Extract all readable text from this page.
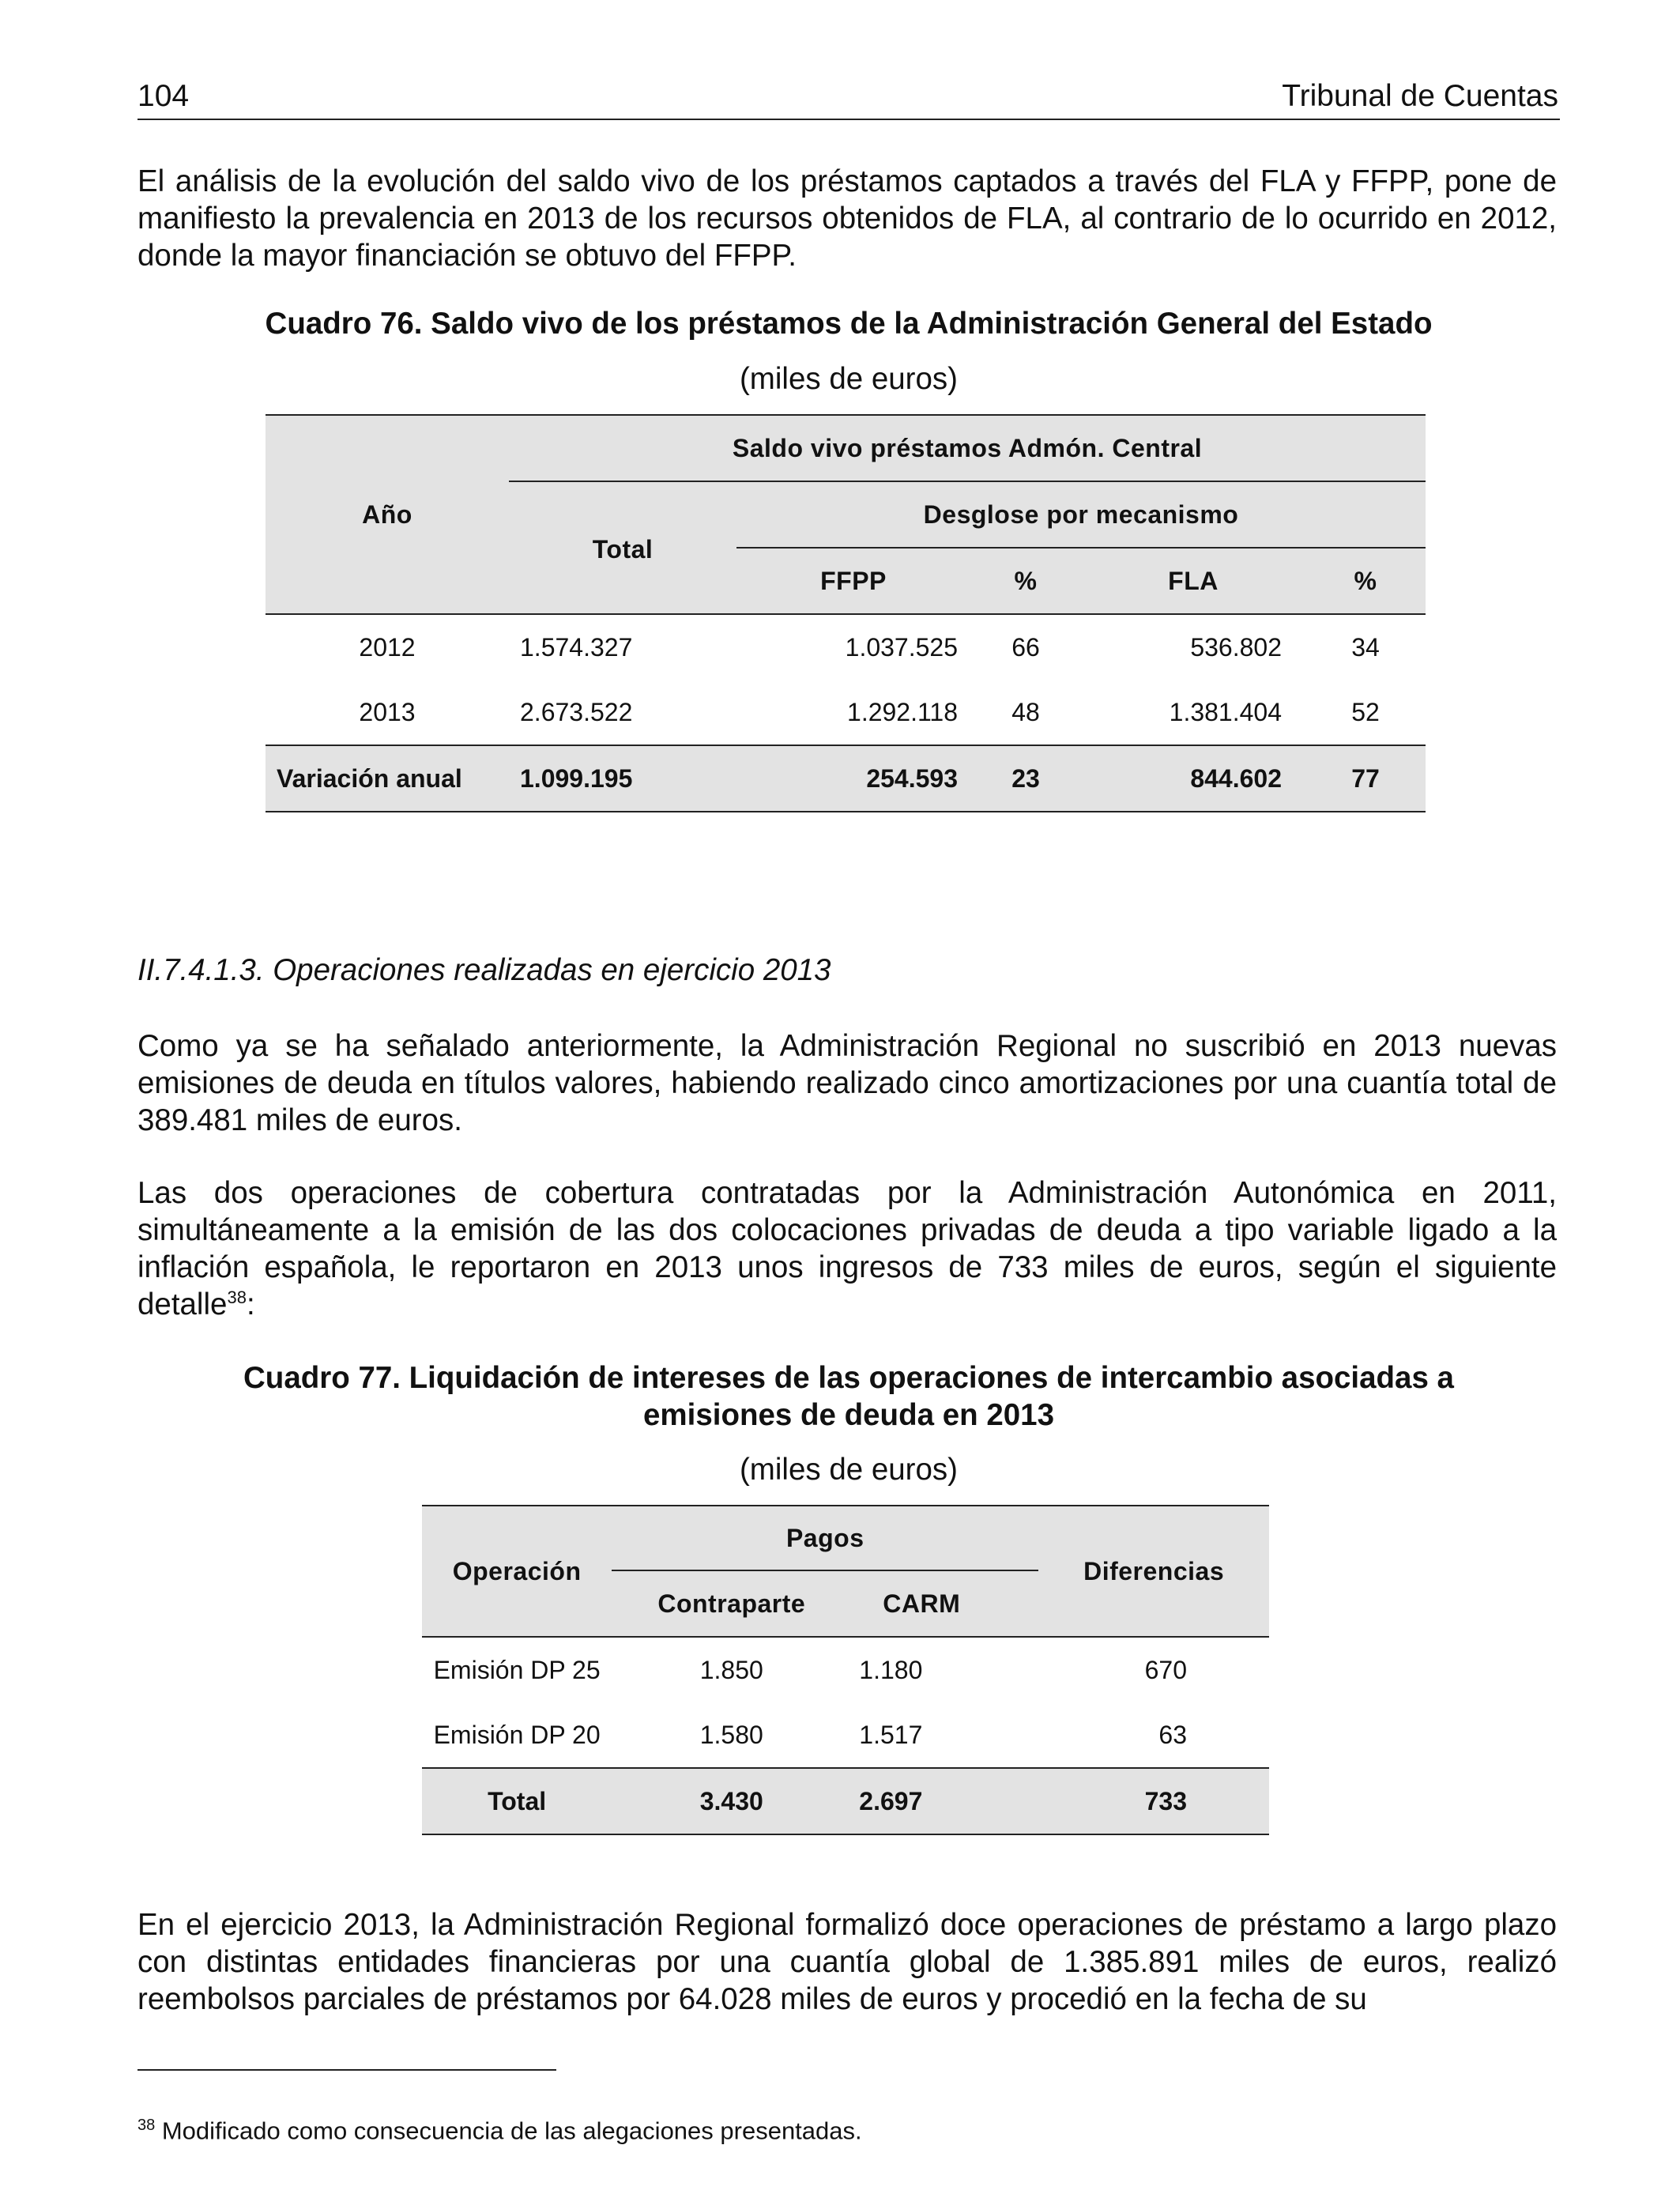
104	Tribunal de Cuentas
El análisis de la evolución del saldo vivo de los préstamos captados a través del FLA y FFPP, pone de manifiesto la prevalencia en 2013 de los recursos obtenidos de FLA, al contrario de lo ocurrido en 2012, donde la mayor financiación se obtuvo del FFPP.
Cuadro 76. Saldo vivo de los préstamos de la Administración General del Estado
(miles de euros)
Año	Saldo vivo préstamos Admón. Central				
	Total	Desglose por mecanismo			
		FFPP	%	FLA	%
2012	1.574.327	1.037.525	66	536.802	34
2013	2.673.522	1.292.118	48	1.381.404	52
Variación anual	1.099.195	254.593	23	844.602	77
II.7.4.1.3. Operaciones realizadas en ejercicio 2013
Como ya se ha señalado anteriormente, la Administración Regional no suscribió en 2013 nuevas emisiones de deuda en títulos valores, habiendo realizado cinco amortizaciones por una cuantía total de 389.481 miles de euros.
Las dos operaciones de cobertura contratadas por la Administración Autonómica en 2011, simultáneamente a la emisión de las dos colocaciones privadas de deuda a tipo variable ligado a la inflación española, le reportaron en 2013 unos ingresos de 733 miles de euros, según el siguiente detalle$^{38}$:
Cuadro 77. Liquidación de intereses de las operaciones de intercambio asociadas a
emisiones de deuda en 2013
(miles de euros)
Operación	Pagos		Diferencias
	Contraparte	CARM	
Emisión DP 25	1.850	1.180	670
Emisión DP 20	1.580	1.517	63
Total	3.430	2.697	733
En el ejercicio 2013, la Administración Regional formalizó doce operaciones de préstamo a largo plazo con distintas entidades financieras por una cuantía global de 1.385.891 miles de euros, realizó reembolsos parciales de préstamos por 64.028 miles de euros y procedió en la fecha de su
$^{38}$ Modificado como consecuencia de las alegaciones presentadas.
